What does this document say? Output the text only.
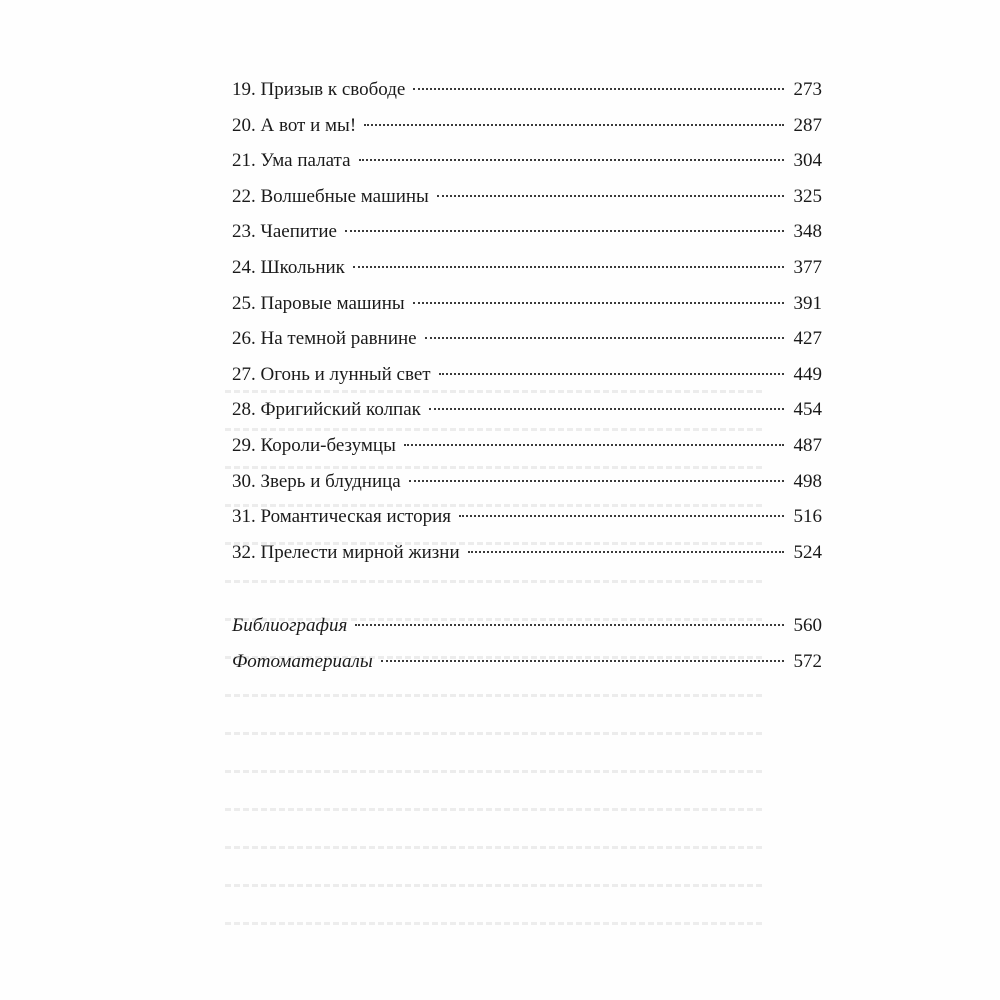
19. Призыв к свободе	273
20. А вот и мы!	287
21. Ума палата	304
22. Волшебные машины	325
23. Чаепитие	348
24. Школьник	377
25. Паровые машины	391
26. На темной равнине	427
27. Огонь и лунный свет	449
28. Фригийский колпак	454
29. Короли-безумцы	487
30. Зверь и блудница	498
31. Романтическая история	516
32. Прелести мирной жизни	524
Библиография	560
Фотоматериалы	572
